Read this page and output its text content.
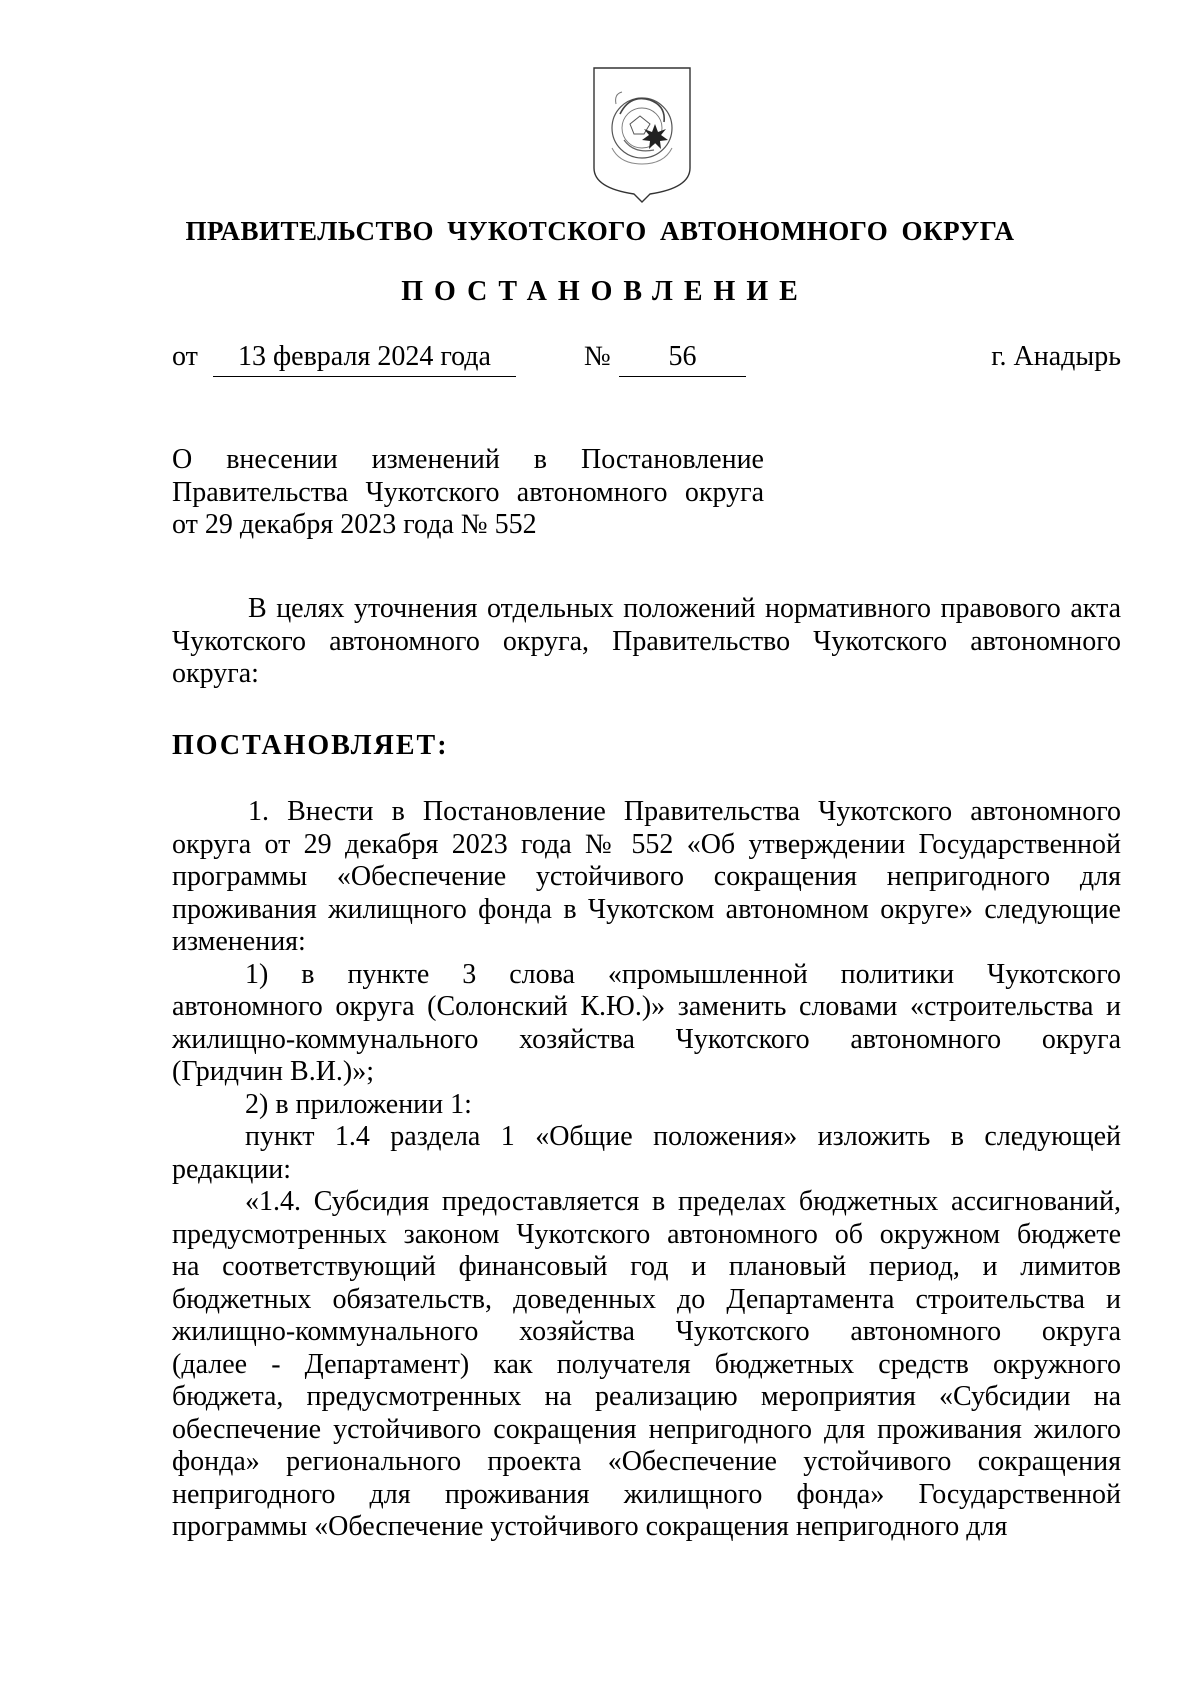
ПРАВИТЕЛЬСТВО ЧУКОТСКОГО АВТОНОМНОГО ОКРУГА
ПОСТАНОВЛЕНИЕ
от	13 февраля 2024 года	№	56	г. Анадырь
О внесении изменений в Постановление
Правительства Чукотского автономного округа
от 29 декабря 2023 года № 552
В целях уточнения отдельных положений нормативного правового акта
Чукотского автономного округа, Правительство Чукотского автономного
округа:
ПОСТАНОВЛЯЕТ:
1. Внести в Постановление Правительства Чукотского автономного
округа от 29 декабря 2023 года № 552 «Об утверждении Государственной
программы «Обеспечение устойчивого сокращения непригодного для
проживания жилищного фонда в Чукотском автономном округе» следующие
изменения:
1) в пункте 3 слова «промышленной политики Чукотского
автономного округа (Солонский К.Ю.)» заменить словами «строительства и
жилищно-коммунального хозяйства Чукотского автономного округа
(Гридчин В.И.)»;
2) в приложении 1:
пункт 1.4 раздела 1 «Общие положения» изложить в следующей
редакции:
«1.4. Субсидия предоставляется в пределах бюджетных ассигнований,
предусмотренных законом Чукотского автономного об окружном бюджете
на соответствующий финансовый год и плановый период, и лимитов
бюджетных обязательств, доведенных до Департамента строительства и
жилищно-коммунального хозяйства Чукотского автономного округа
(далее - Департамент) как получателя бюджетных средств окружного
бюджета, предусмотренных на реализацию мероприятия «Субсидии на
обеспечение устойчивого сокращения непригодного для проживания жилого
фонда» регионального проекта «Обеспечение устойчивого сокращения
непригодного для проживания жилищного фонда» Государственной
программы «Обеспечение устойчивого сокращения непригодного для
